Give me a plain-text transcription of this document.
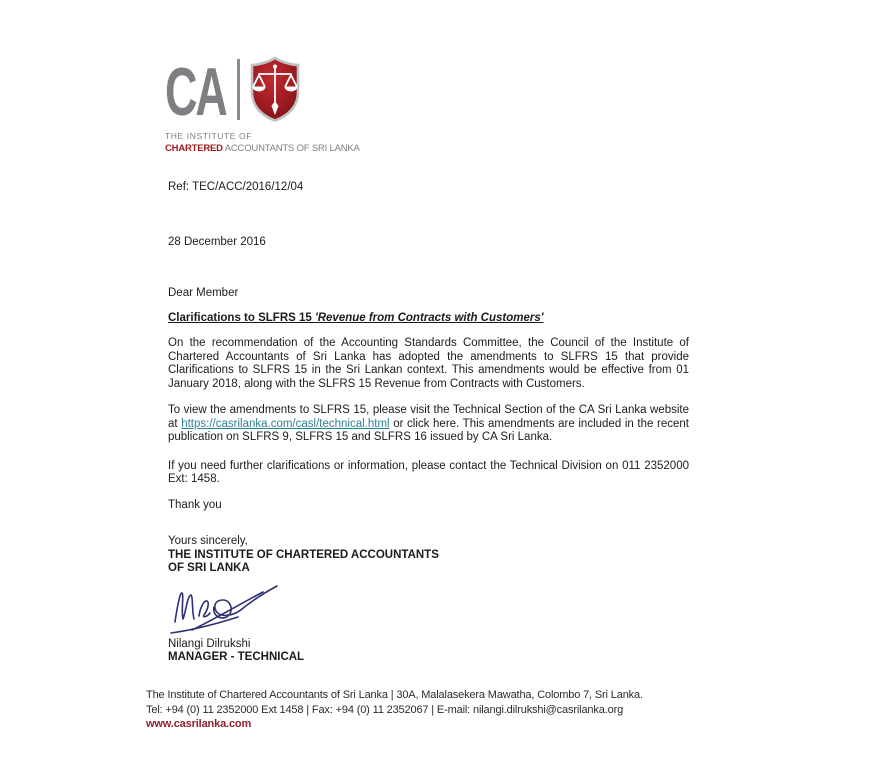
CA
THE INSTITUTE OF
CHARTERED ACCOUNTANTS OF SRI LANKA

Ref: TEC/ACC/2016/12/04

28 December 2016

Dear Member

Clarifications to SLFRS 15 'Revenue from Contracts with Customers'

On the recommendation of the Accounting Standards Committee, the Council of the Institute of Chartered Accountants of Sri Lanka has adopted the amendments to SLFRS 15 that provide Clarifications to SLFRS 15 in the Sri Lankan context. This amendments would be effective from 01 January 2018, along with the SLFRS 15 Revenue from Contracts with Customers.

To view the amendments to SLFRS 15, please visit the Technical Section of the CA Sri Lanka website at https://casrilanka.com/casl/technical.html or click here. This amendments are included in the recent publication on SLFRS 9, SLFRS 15 and SLFRS 16 issued by CA Sri Lanka.

If you need further clarifications or information, please contact the Technical Division on 011 2352000 Ext: 1458.

Thank you

Yours sincerely,

THE INSTITUTE OF CHARTERED ACCOUNTANTS

OF SRI LANKA

Nilangi Dilrukshi

MANAGER - TECHNICAL

The Institute of Chartered Accountants of Sri Lanka | 30A, Malalasekera Mawatha, Colombo 7, Sri Lanka.

Tel: +94 (0) 11 2352000 Ext 1458 | Fax: +94 (0) 11 2352067 | E-mail: nilangi.dilrukshi@casrilanka.org

www.casrilanka.com
